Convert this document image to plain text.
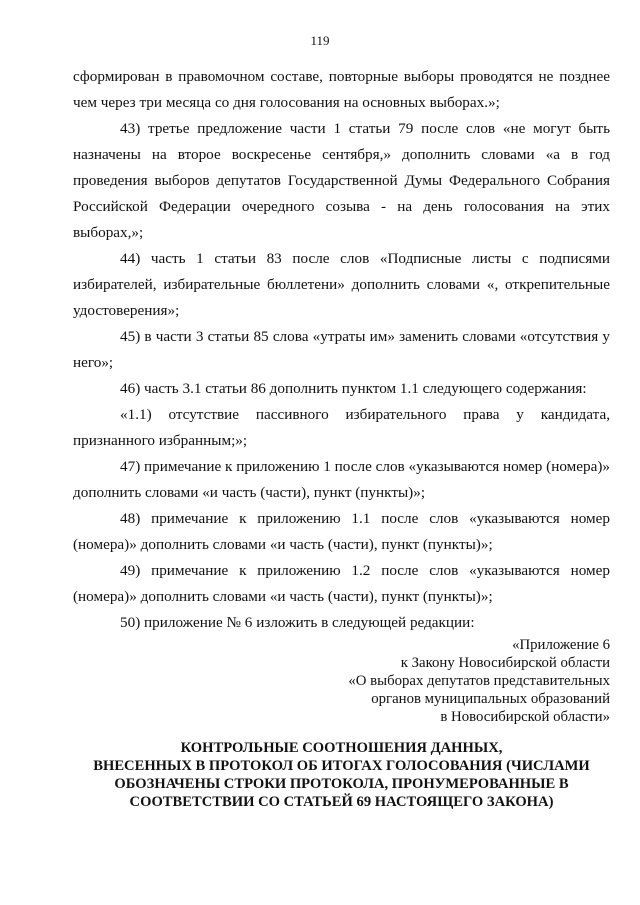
119

сформирован в правомочном составе, повторные выборы проводятся не позднее чем через три месяца со дня голосования на основных выборах.»;

43) третье предложение части 1 статьи 79 после слов «не могут быть назначены на второе воскресенье сентября,» дополнить словами «а в год проведения выборов депутатов Государственной Думы Федерального Собрания Российской Федерации очередного созыва - на день голосования на этих выборах,»;

44) часть 1 статьи 83 после слов «Подписные листы с подписями избирателей, избирательные бюллетени» дополнить словами «, открепительные удостоверения»;

45) в части 3 статьи 85 слова «утраты им» заменить словами «отсутствия у него»;

46) часть 3.1 статьи 86 дополнить пунктом 1.1 следующего содержания:

«1.1) отсутствие пассивного избирательного права у кандидата, признанного избранным;»;

47) примечание к приложению 1 после слов «указываются номер (номера)» дополнить словами «и часть (части), пункт (пункты)»;

48) примечание к приложению 1.1 после слов «указываются номер (номера)» дополнить словами «и часть (части), пункт (пункты)»;

49) примечание к приложению 1.2 после слов «указываются номер (номера)» дополнить словами «и часть (части), пункт (пункты)»;

50) приложение № 6 изложить в следующей редакции:

«Приложение 6
к Закону Новосибирской области
«О выборах депутатов представительных
органов муниципальных образований
в Новосибирской области»
КОНТРОЛЬНЫЕ СООТНОШЕНИЯ ДАННЫХ,
ВНЕСЕННЫХ В ПРОТОКОЛ ОБ ИТОГАХ ГОЛОСОВАНИЯ (ЧИСЛАМИ
ОБОЗНАЧЕНЫ СТРОКИ ПРОТОКОЛА, ПРОНУМЕРОВАННЫЕ В
СООТВЕТСТВИИ СО СТАТЬЕЙ 69 НАСТОЯЩЕГО ЗАКОНА)
